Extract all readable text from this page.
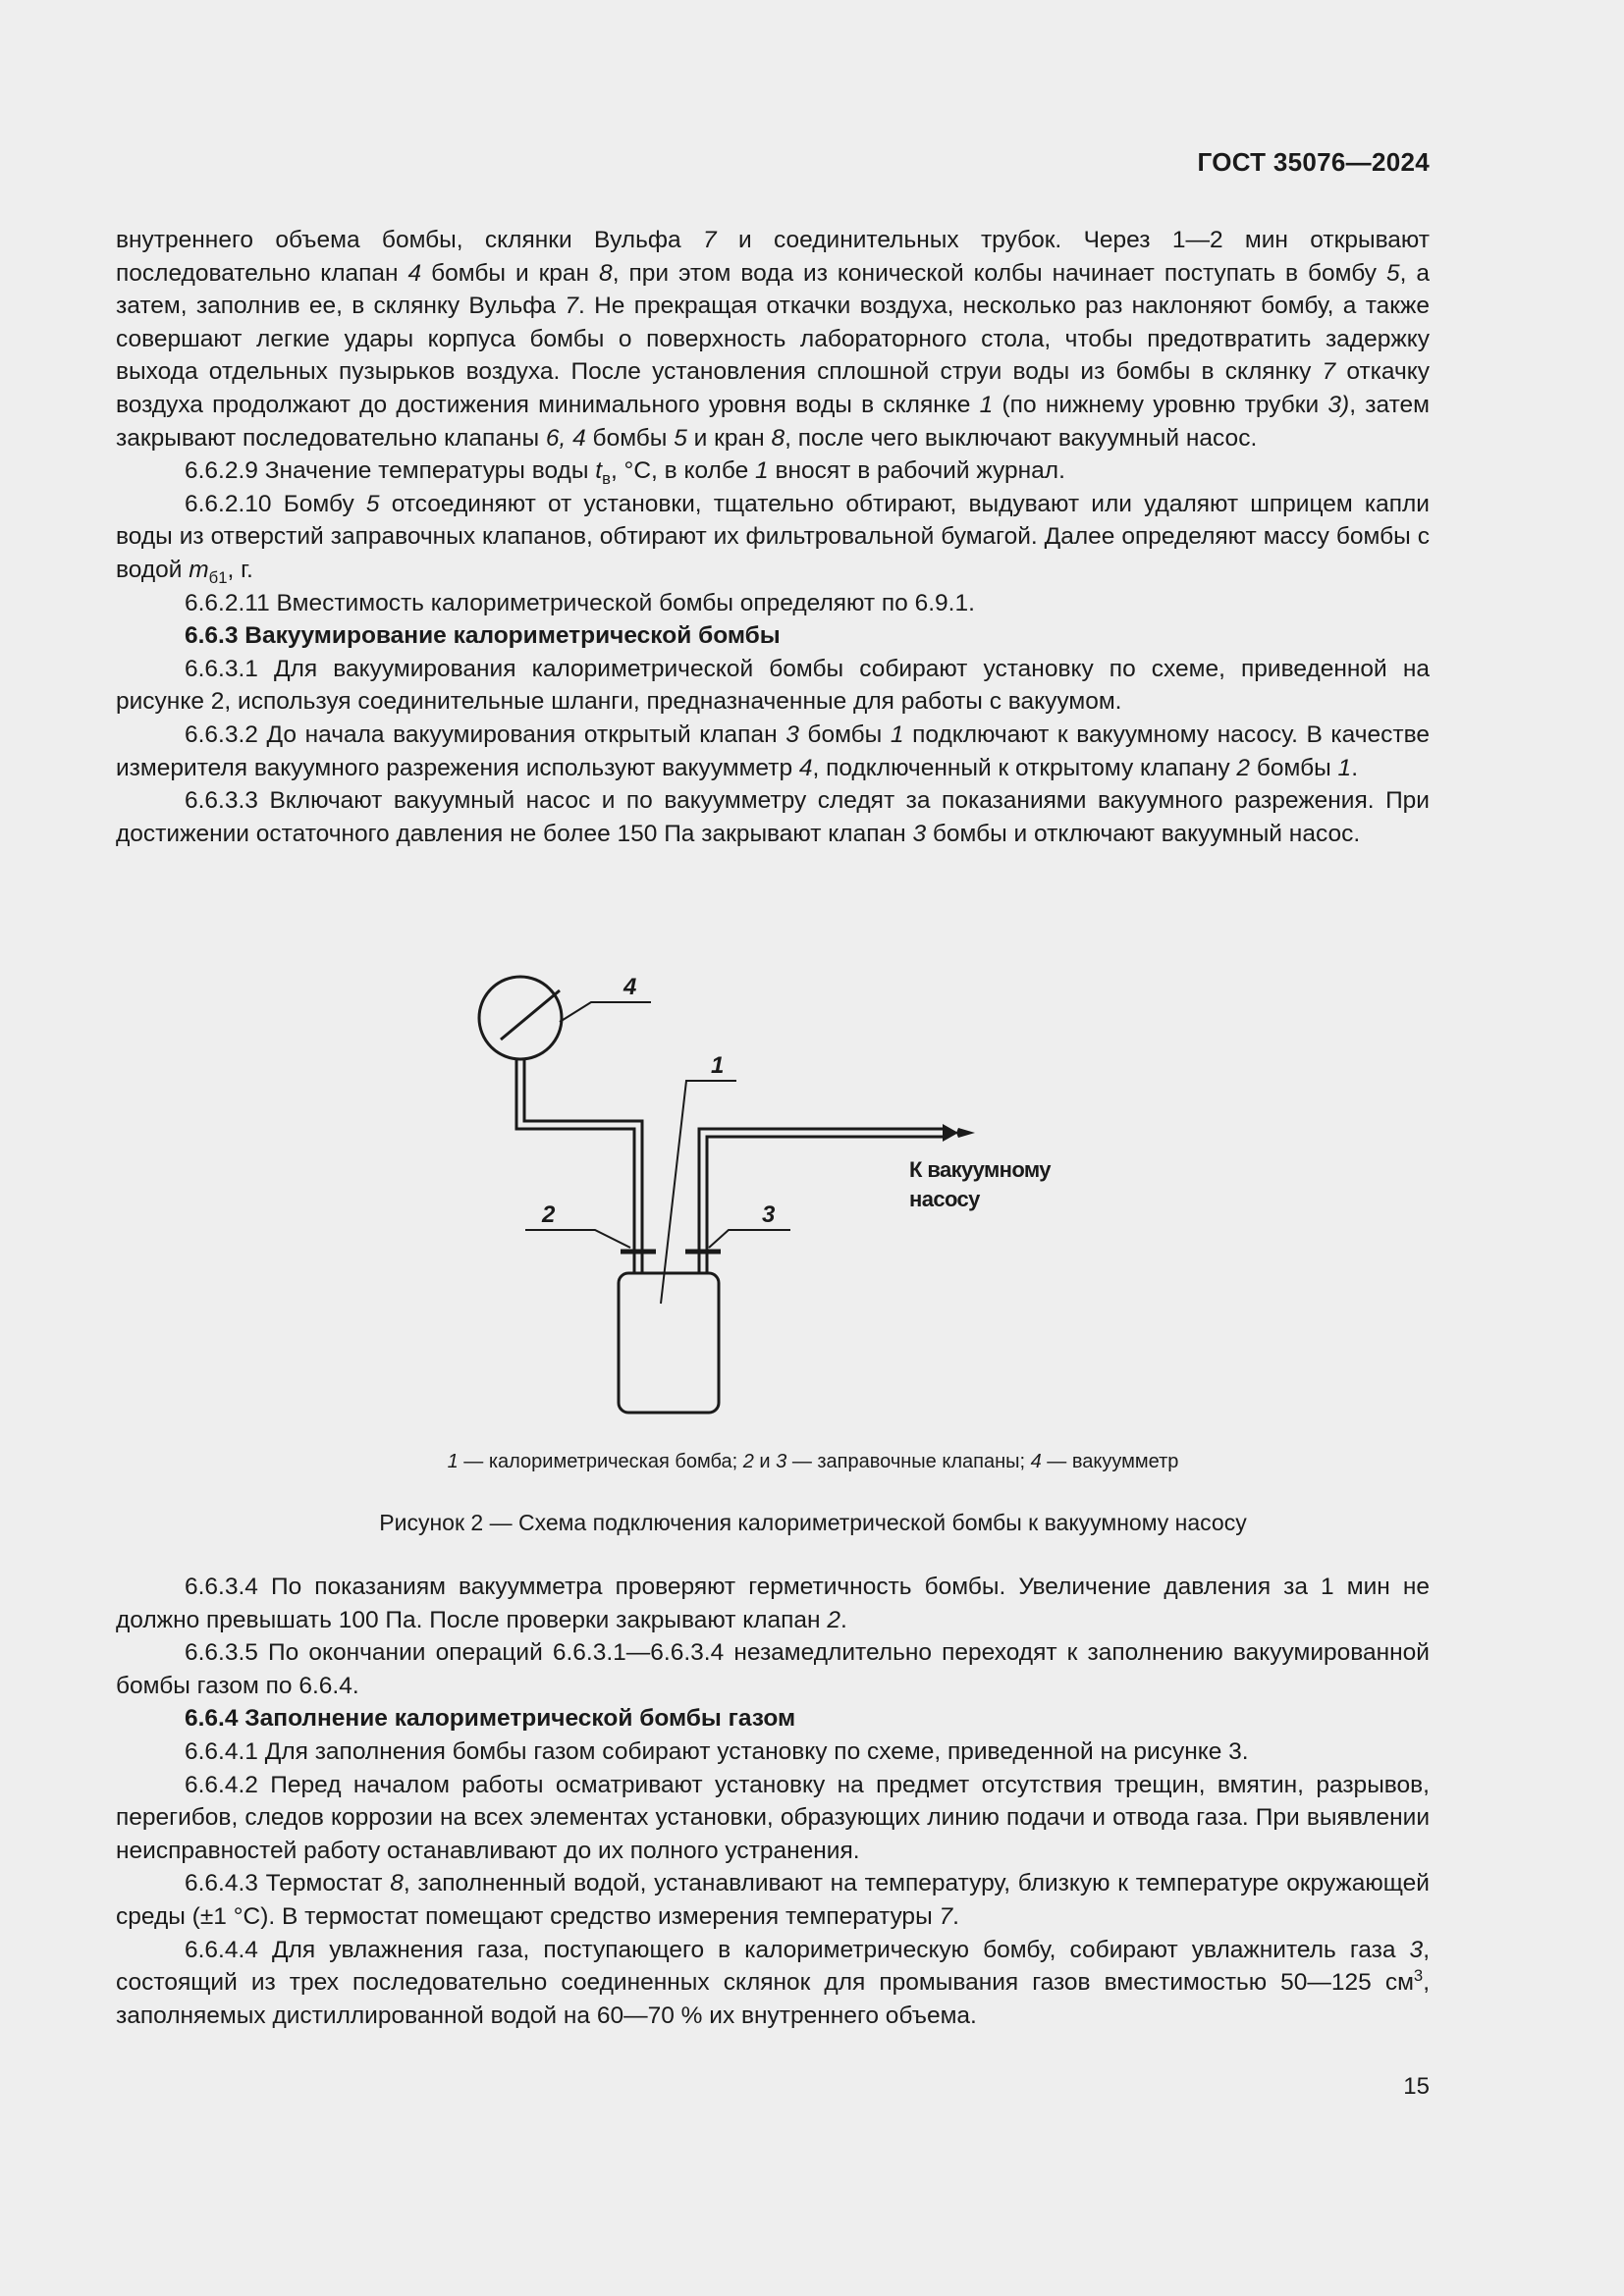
ГОСТ 35076—2024

внутреннего объема бомбы, склянки Вульфа 7 и соединительных трубок. Через 1—2 мин открывают последовательно клапан 4 бомбы и кран 8, при этом вода из конической колбы начинает поступать в бомбу 5, а затем, заполнив ее, в склянку Вульфа 7. Не прекращая откачки воздуха, несколько раз наклоняют бомбу, а также совершают легкие удары корпуса бомбы о поверхность лабораторного стола, чтобы предотвратить задержку выхода отдельных пузырьков воздуха. После установления сплошной струи воды из бомбы в склянку 7 откачку воздуха продолжают до достижения минимального уровня воды в склянке 1 (по нижнему уровню трубки 3), затем закрывают последовательно клапаны 6, 4 бомбы 5 и кран 8, после чего выключают вакуумный насос.

6.6.2.9 Значение температуры воды $t_в$, °С, в колбе 1 вносят в рабочий журнал.

6.6.2.10 Бомбу 5 отсоединяют от установки, тщательно обтирают, выдувают или удаляют шприцем капли воды из отверстий заправочных клапанов, обтирают их фильтровальной бумагой. Далее определяют массу бомбы с водой $m_{б1}$, г.

6.6.2.11 Вместимость калориметрической бомбы определяют по 6.9.1.

6.6.3 Вакуумирование калориметрической бомбы

6.6.3.1 Для вакуумирования калориметрической бомбы собирают установку по схеме, приведенной на рисунке 2, используя соединительные шланги, предназначенные для работы с вакуумом.

6.6.3.2 До начала вакуумирования открытый клапан 3 бомбы 1 подключают к вакуумному насосу. В качестве измерителя вакуумного разрежения используют вакуумметр 4, подключенный к открытому клапану 2 бомбы 1.

6.6.3.3 Включают вакуумный насос и по вакуумметру следят за показаниями вакуумного разрежения. При достижении остаточного давления не более 150 Па закрывают клапан 3 бомбы и отключают вакуумный насос.

4
1
2	3
К вакуумному
насосу
1 — калориметрическая бомба; 2 и 3 — заправочные клапаны; 4 — вакуумметр
Рисунок 2 — Схема подключения калориметрической бомбы к вакуумному насосу

6.6.3.4 По показаниям вакуумметра проверяют герметичность бомбы. Увеличение давления за 1 мин не должно превышать 100 Па. После проверки закрывают клапан 2.

6.6.3.5 По окончании операций 6.6.3.1—6.6.3.4 незамедлительно переходят к заполнению вакуумированной бомбы газом по 6.6.4.

6.6.4 Заполнение калориметрической бомбы газом

6.6.4.1 Для заполнения бомбы газом собирают установку по схеме, приведенной на рисунке 3.

6.6.4.2 Перед началом работы осматривают установку на предмет отсутствия трещин, вмятин, разрывов, перегибов, следов коррозии на всех элементах установки, образующих линию подачи и отвода газа. При выявлении неисправностей работу останавливают до их полного устранения.

6.6.4.3 Термостат 8, заполненный водой, устанавливают на температуру, близкую к температуре окружающей среды (±1 °С). В термостат помещают средство измерения температуры 7.

6.6.4.4 Для увлажнения газа, поступающего в калориметрическую бомбу, собирают увлажнитель газа 3, состоящий из трех последовательно соединенных склянок для промывания газов вместимостью 50—125 $см^3$, заполняемых дистиллированной водой на 60—70 % их внутреннего объема.

15
